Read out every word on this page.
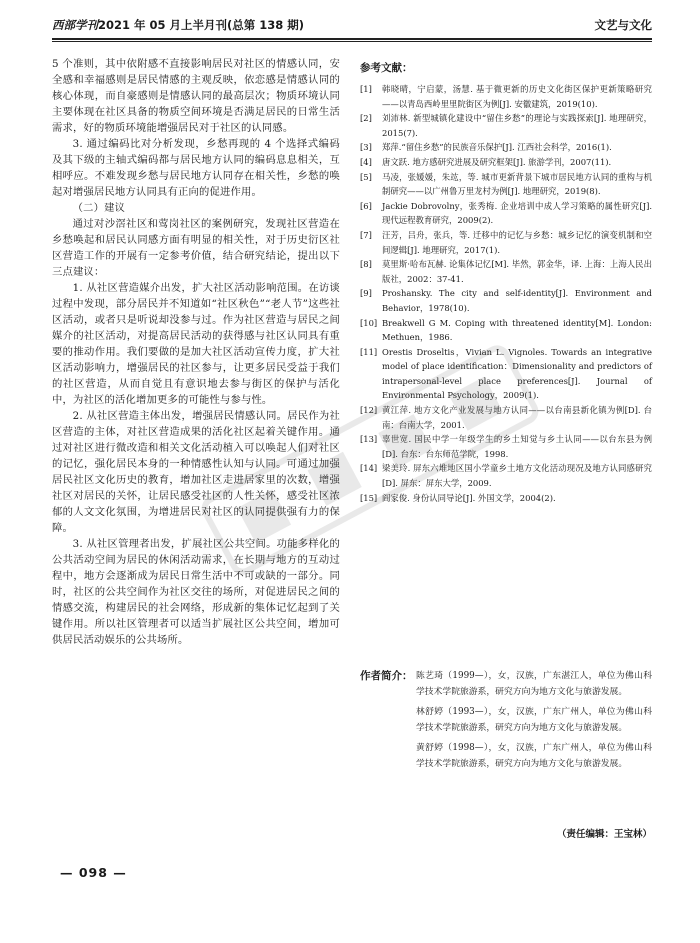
西部学刊2021 年 05 月上半月刊(总第 138 期)	文艺与文化

5 个准则，其中依附感不直接影响居民对社区的情感认同，安全感和幸福感则是居民情感的主观反映，依恋感是情感认同的核心体现，而自豪感则是情感认同的最高层次；物质环境认同主要体现在社区具备的物质空间环境是否满足居民的日常生活需求，好的物质环境能增强居民对于社区的认同感。

3. 通过编码比对分析发现，乡愁再现的 4 个选择式编码及其下级的主轴式编码都与居民地方认同的编码息息相关，互相呼应。不难发现乡愁与居民地方认同存在相关性，乡愁的唤起对增强居民地方认同具有正向的促进作用。

（二）建议

通过对沙滘社区和莺岗社区的案例研究，发现社区营造在乡愁唤起和居民认同感方面有明显的相关性，对于历史衍区社区营造工作的开展有一定参考价值，结合研究结论，提出以下三点建议：

1. 从社区营造媒介出发，扩大社区活动影响范围。在访谈过程中发现，部分居民并不知道如“社区秋色”“老人节”这些社区活动，或者只是听说却没参与过。作为社区营造与居民之间媒介的社区活动，对提高居民活动的获得感与社区认同具有重要的推动作用。我们要做的是加大社区活动宣传力度，扩大社区活动影响力，增强居民的社区参与，让更多居民受益于我们的社区营造，从而自觉且有意识地去参与街区的保护与活化中，为社区的活化增加更多的可能性与参与性。

2. 从社区营造主体出发，增强居民情感认同。居民作为社区营造的主体，对社区营造成果的活化社区起着关键作用。通过对社区进行微改造和相关文化活动植入可以唤起人们对社区的记忆，强化居民本身的一种情感性认知与认同。可通过加强居民社区文化历史的教育，增加社区走进居家里的次数，增强社区对居民的关怀，让居民感受社区的人性关怀，感受社区浓郁的人文文化氛围，为增进居民对社区的认同提供强有力的保障。

3. 从社区管理者出发，扩展社区公共空间。功能多样化的公共活动空间为居民的休闲活动需求，在长期与地方的互动过程中，地方会逐渐成为居民日常生活中不可或缺的一部分。同时，社区的公共空间作为社区交往的场所，对促进居民之间的情感交流，构建居民的社会网络，形成新的集体记忆起到了关键作用。所以社区管理者可以适当扩展社区公共空间，增加可供居民活动娱乐的公共场所。

参考文献：

[1] 韩晓晴，宁启蒙，汤慧. 基于微更新的历史文化街区保护更新策略研究——以青岛西岭里里院街区为例[J]. 安徽建筑，2019(10).

[2] 刘沛林. 新型城镇化建设中“留住乡愁”的理论与实践探索[J]. 地理研究，2015(7).

[3] 郑萍.“留住乡愁”的民族音乐保护[J]. 江西社会科学，2016(1).

[4] 唐文跃. 地方感研究进展及研究框架[J]. 旅游学刊，2007(11).

[5] 马凌，张媛媛，朱竑，等. 城市更新背景下城市居民地方认同的重构与机制研究——以广州鲁万里龙村为例[J]. 地理研究，2019(8).

[6] Jackie Dobrovolny，张秀梅. 企业培训中成人学习策略的属性研究[J]. 现代远程教育研究，2009(2).

[7] 汪芳，吕舟，张兵，等. 迁移中的记忆与乡愁：城乡记忆的演变机制和空间逻辑[J]. 地理研究，2017(1).

[8] 莫里斯·哈布瓦赫. 论集体记忆[M]. 毕然，郭金华，译. 上海：上海人民出版社，2002：37-41.

[9] Proshansky. The city and self-identity[J]. Environment and Behavior，1978(10).

[10] Breakwell G M. Coping with threatened identity[M]. London: Methuen，1986.

[11] Orestis Droseltis，Vivian L. Vignoles. Towards an integrative model of place identification：Dimensionality and predictors of intrapersonal-level place preferences[J]. Journal of Environmental Psychology，2009(1).

[12] 黄江萍. 地方文化产业发展与地方认同——以台南县新化镇为例[D]. 台南：台南大学，2001.

[13] 辜世宽. 国民中学一年级学生的乡土知觉与乡土认同——以台东县为例[D]. 台东：台东师范学院，1998.

[14] 梁美玲. 屏东六堆地区国小学童乡土地方文化活动现况及地方认同感研究[D]. 屏东：屏东大学，2009.

[15] 阎家俊. 身份认同导论[J]. 外国文学，2004(2).

作者简介： 陈艺琦（1999—），女，汉族，广东湛江人，单位为佛山科学技术学院旅游系，研究方向为地方文化与旅游发展。

林舒婷（1993—），女，汉族，广东广州人，单位为佛山科学技术学院旅游系，研究方向为地方文化与旅游发展。

黄舒婷（1998—），女，汉族，广东广州人，单位为佛山科学技术学院旅游系，研究方向为地方文化与旅游发展。

（责任编辑：王宝林）
— 098 —
